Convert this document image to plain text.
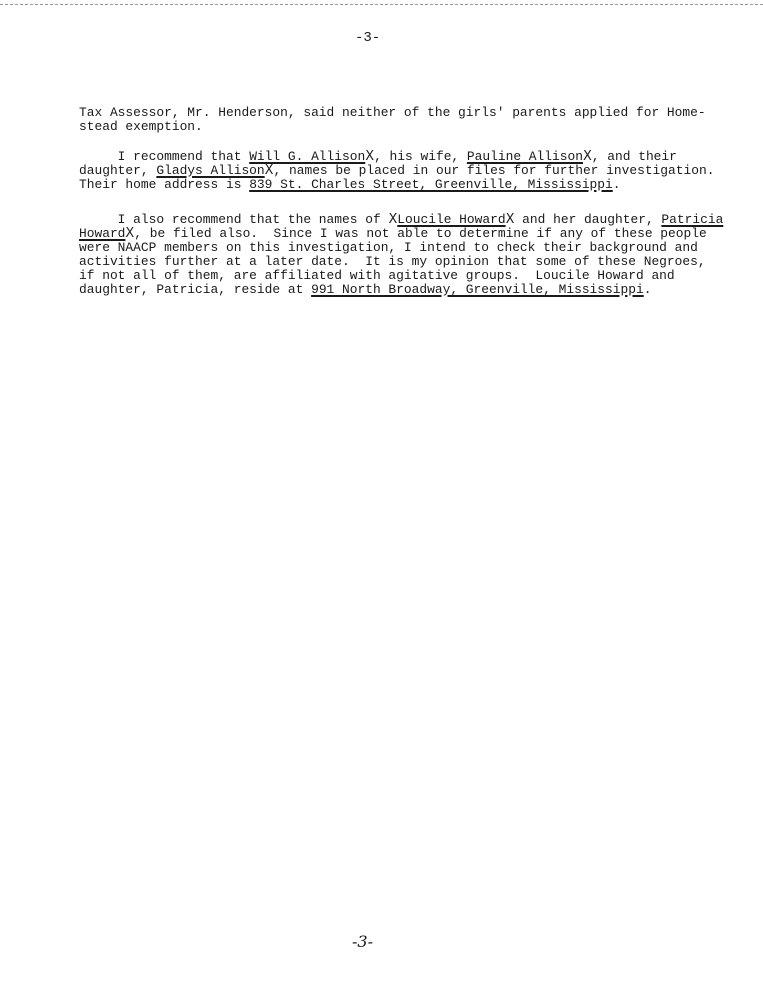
-3-
Tax Assessor, Mr. Henderson, said neither of the girls' parents applied for Home-
stead exemption.
I recommend that Will G. AllisonX, his wife, Pauline AllisonX, and their
daughter, Gladys AllisonX, names be placed in our files for further investigation.
Their home address is 839 St. Charles Street, Greenville, Mississippi.
I also recommend that the names of XLoucile HowardX and her daughter, Patricia
HowardX, be filed also.  Since I was not able to determine if any of these people
were NAACP members on this investigation, I intend to check their background and
activities further at a later date.  It is my opinion that some of these Negroes,
if not all of them, are affiliated with agitative groups.  Loucile Howard and
daughter, Patricia, reside at 991 North Broadway, Greenville, Mississippi.
-3-
